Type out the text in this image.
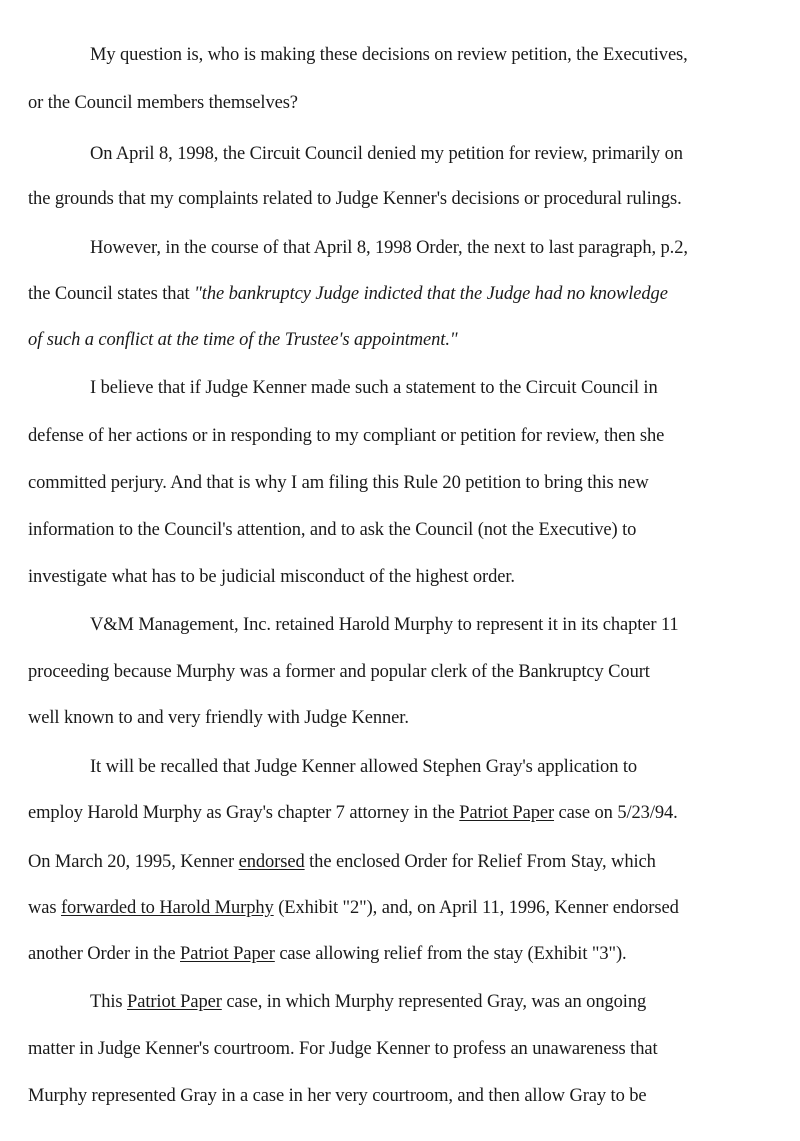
My question is, who is making these decisions on review petition, the Executives,
or the Council members themselves?
On April 8, 1998, the Circuit Council denied my petition for review, primarily on
the grounds that my complaints related to Judge Kenner's decisions or procedural rulings.
However, in the course of that April 8, 1998 Order, the next to last paragraph, p.2,
the Council states that "the bankruptcy Judge indicted that the Judge had no knowledge
of such a conflict at the time of the Trustee's appointment."
I believe that if Judge Kenner made such a statement to the Circuit Council in
defense of her actions or in responding to my compliant or petition for review, then she
committed perjury. And that is why I am filing this Rule 20 petition to bring this new
information to the Council's attention, and to ask the Council (not the Executive) to
investigate what has to be judicial misconduct of the highest order.
V&M Management, Inc. retained Harold Murphy to represent it in its chapter 11
proceeding because Murphy was a former and popular clerk of the Bankruptcy Court
well known to and very friendly with Judge Kenner.
It will be recalled that Judge Kenner allowed Stephen Gray's application to
employ Harold Murphy as Gray's chapter 7 attorney in the Patriot Paper case on 5/23/94.
On March 20, 1995, Kenner endorsed the enclosed Order for Relief From Stay, which
was forwarded to Harold Murphy (Exhibit "2"), and, on April 11, 1996, Kenner endorsed
another Order in the Patriot Paper case allowing relief from the stay (Exhibit "3").
This Patriot Paper case, in which Murphy represented Gray, was an ongoing
matter in Judge Kenner's courtroom. For Judge Kenner to profess an unawareness that
Murphy represented Gray in a case in her very courtroom, and then allow Gray to be
